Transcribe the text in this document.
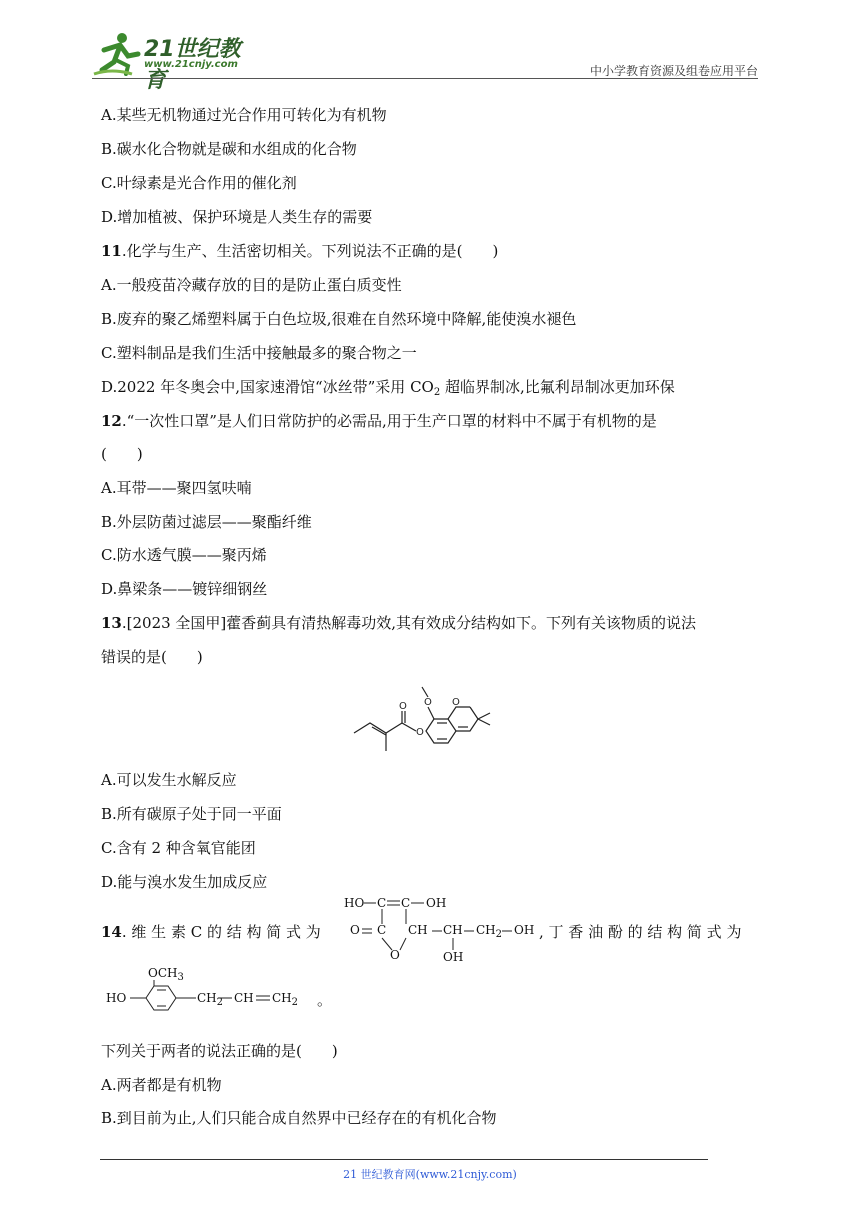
21世纪教育
www.21cnjy.com	中小学教育资源及组卷应用平台
A.某些无机物通过光合作用可转化为有机物
B.碳水化合物就是碳和水组成的化合物
C.叶绿素是光合作用的催化剂
D.增加植被、保护环境是人类生存的需要
11.化学与生产、生活密切相关。下列说法不正确的是(　　)
A.一般疫苗冷藏存放的目的是防止蛋白质变性
B.废弃的聚乙烯塑料属于白色垃圾,很难在自然环境中降解,能使溴水褪色
C.塑料制品是我们生活中接触最多的聚合物之一
D.2022 年冬奥会中,国家速滑馆“冰丝带”采用 $CO_2$ 超临界制冰,比氟利昂制冰更加环保
12.“一次性口罩”是人们日常防护的必需品,用于生产口罩的材料中不属于有机物的是
(　　)
A.耳带——聚四氢呋喃
B.外层防菌过滤层——聚酯纤维
C.防水透气膜——聚丙烯
D.鼻梁条——镀锌细钢丝
13.[2023 全国甲]藿香蓟具有清热解毒功效,其有效成分结构如下。下列有关该物质的说法
错误的是(　　)
A.可以发生水解反应
B.所有碳原子处于同一平面
C.含有 2 种含氧官能团
D.能与溴水发生加成反应
14. 维 生 素 C 的 结 构 简 式 为	, 丁 香 油 酚 的 结 构 简 式 为
。
下列关于两者的说法正确的是(　　)
A.两者都是有机物
B.到目前为止,人们只能合成自然界中已经存在的有机化合物
O
O
O O
HO C C OH
O C CH CH $CH_2$ OH
O	OH
$OCH_3$
HO	$CH_2$ CH $CH_2$
21 世纪教育网(www.21cnjy.com)
